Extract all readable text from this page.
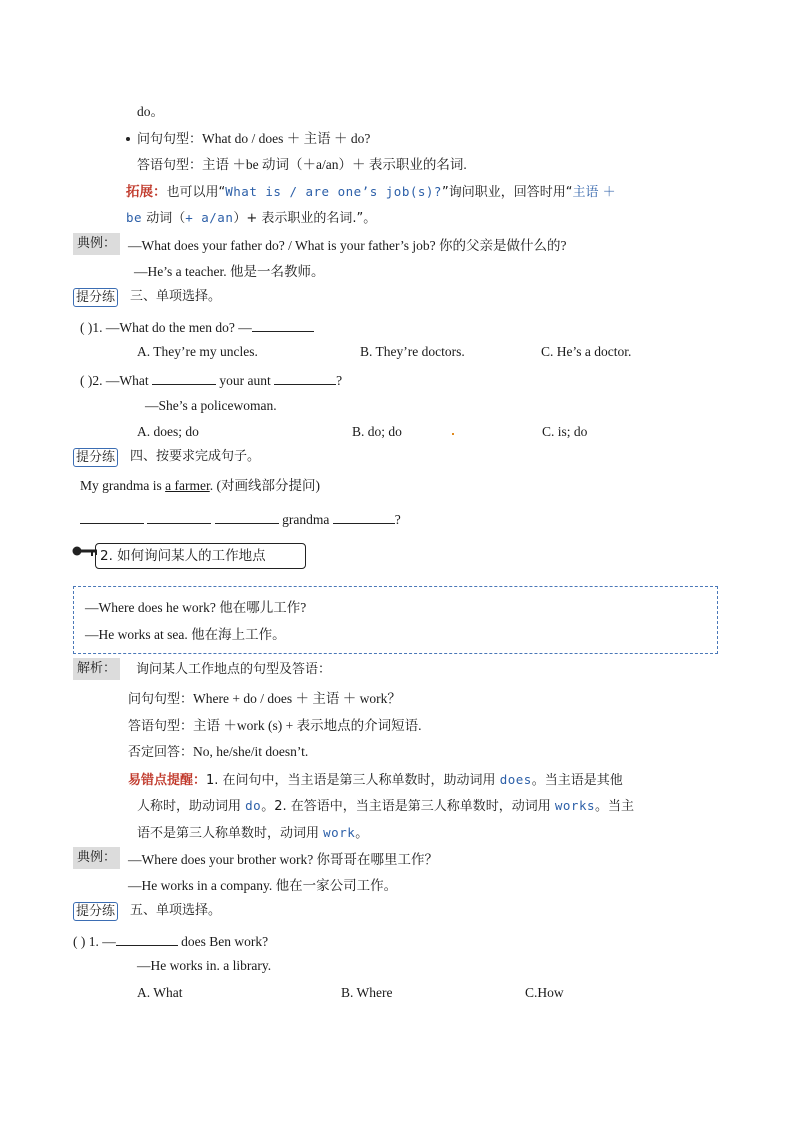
do。
问句句型：What do / does ＋ 主语 ＋ do?
答语句型：主语 ＋be 动词（＋a/an）＋ 表示职业的名词.
拓展：也可以用“What is / are one’s job(s)?”询问职业，回答时用“主语 ＋
be 动词（+ a/an）+ 表示职业的名词.”。
典例： —What does your father do? / What is your father’s job? 你的父亲是做什么的?
—He’s a teacher. 他是一名教师。
提分练 三、单项选择。
( )1. —What do the men do? —
A. They’re my uncles.	B. They’re doctors.	C. He’s a doctor.
( )2. —What	your aunt	?
—She’s a policewoman.
A. does; do	B. do; do	C. is; do
提分练 四、按要求完成句子。
My grandma is a farmer. (对画线部分提问)
grandma	?
2. 如何询问某人的工作地点
—Where does he work? 他在哪儿工作?
—He works at sea. 他在海上工作。
解析：	询问某人工作地点的句型及答语：
问句句型：Where + do / does ＋ 主语 ＋ work？
答语句型：主语 ＋work (s) + 表示地点的介词短语.
否定回答：No, he/she/it doesn’t.
易错点提醒：1. 在问句中，当主语是第三人称单数时，助动词用 does。当主语是其他
人称时，助动词用 do。2. 在答语中，当主语是第三人称单数时，动词用 works。当主
语不是第三人称单数时，动词用 work。
典例： —Where does your brother work? 你哥哥在哪里工作？
—He works in a company. 他在一家公司工作。
提分练 五、单项选择。
( ) 1. —	does Ben work?
—He works in. a library.
A. What	B. Where	C.How
